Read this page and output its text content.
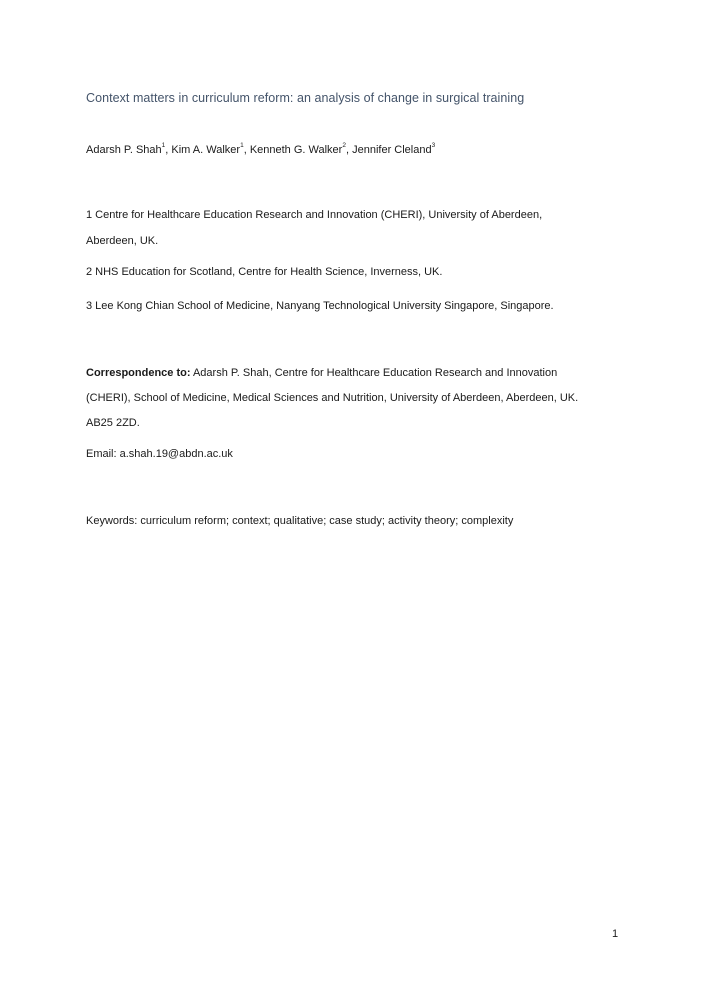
Context matters in curriculum reform: an analysis of change in surgical training
Adarsh P. Shah$^1$, Kim A. Walker$^1$, Kenneth G. Walker$^2$, Jennifer Cleland$^3$
1 Centre for Healthcare Education Research and Innovation (CHERI), University of Aberdeen,
Aberdeen, UK.
2 NHS Education for Scotland, Centre for Health Science, Inverness, UK.
3 Lee Kong Chian School of Medicine, Nanyang Technological University Singapore, Singapore.
Correspondence to: Adarsh P. Shah, Centre for Healthcare Education Research and Innovation
(CHERI), School of Medicine, Medical Sciences and Nutrition, University of Aberdeen, Aberdeen, UK.
AB25 2ZD.
Email: a.shah.19@abdn.ac.uk
Keywords: curriculum reform; context; qualitative; case study; activity theory; complexity
1
